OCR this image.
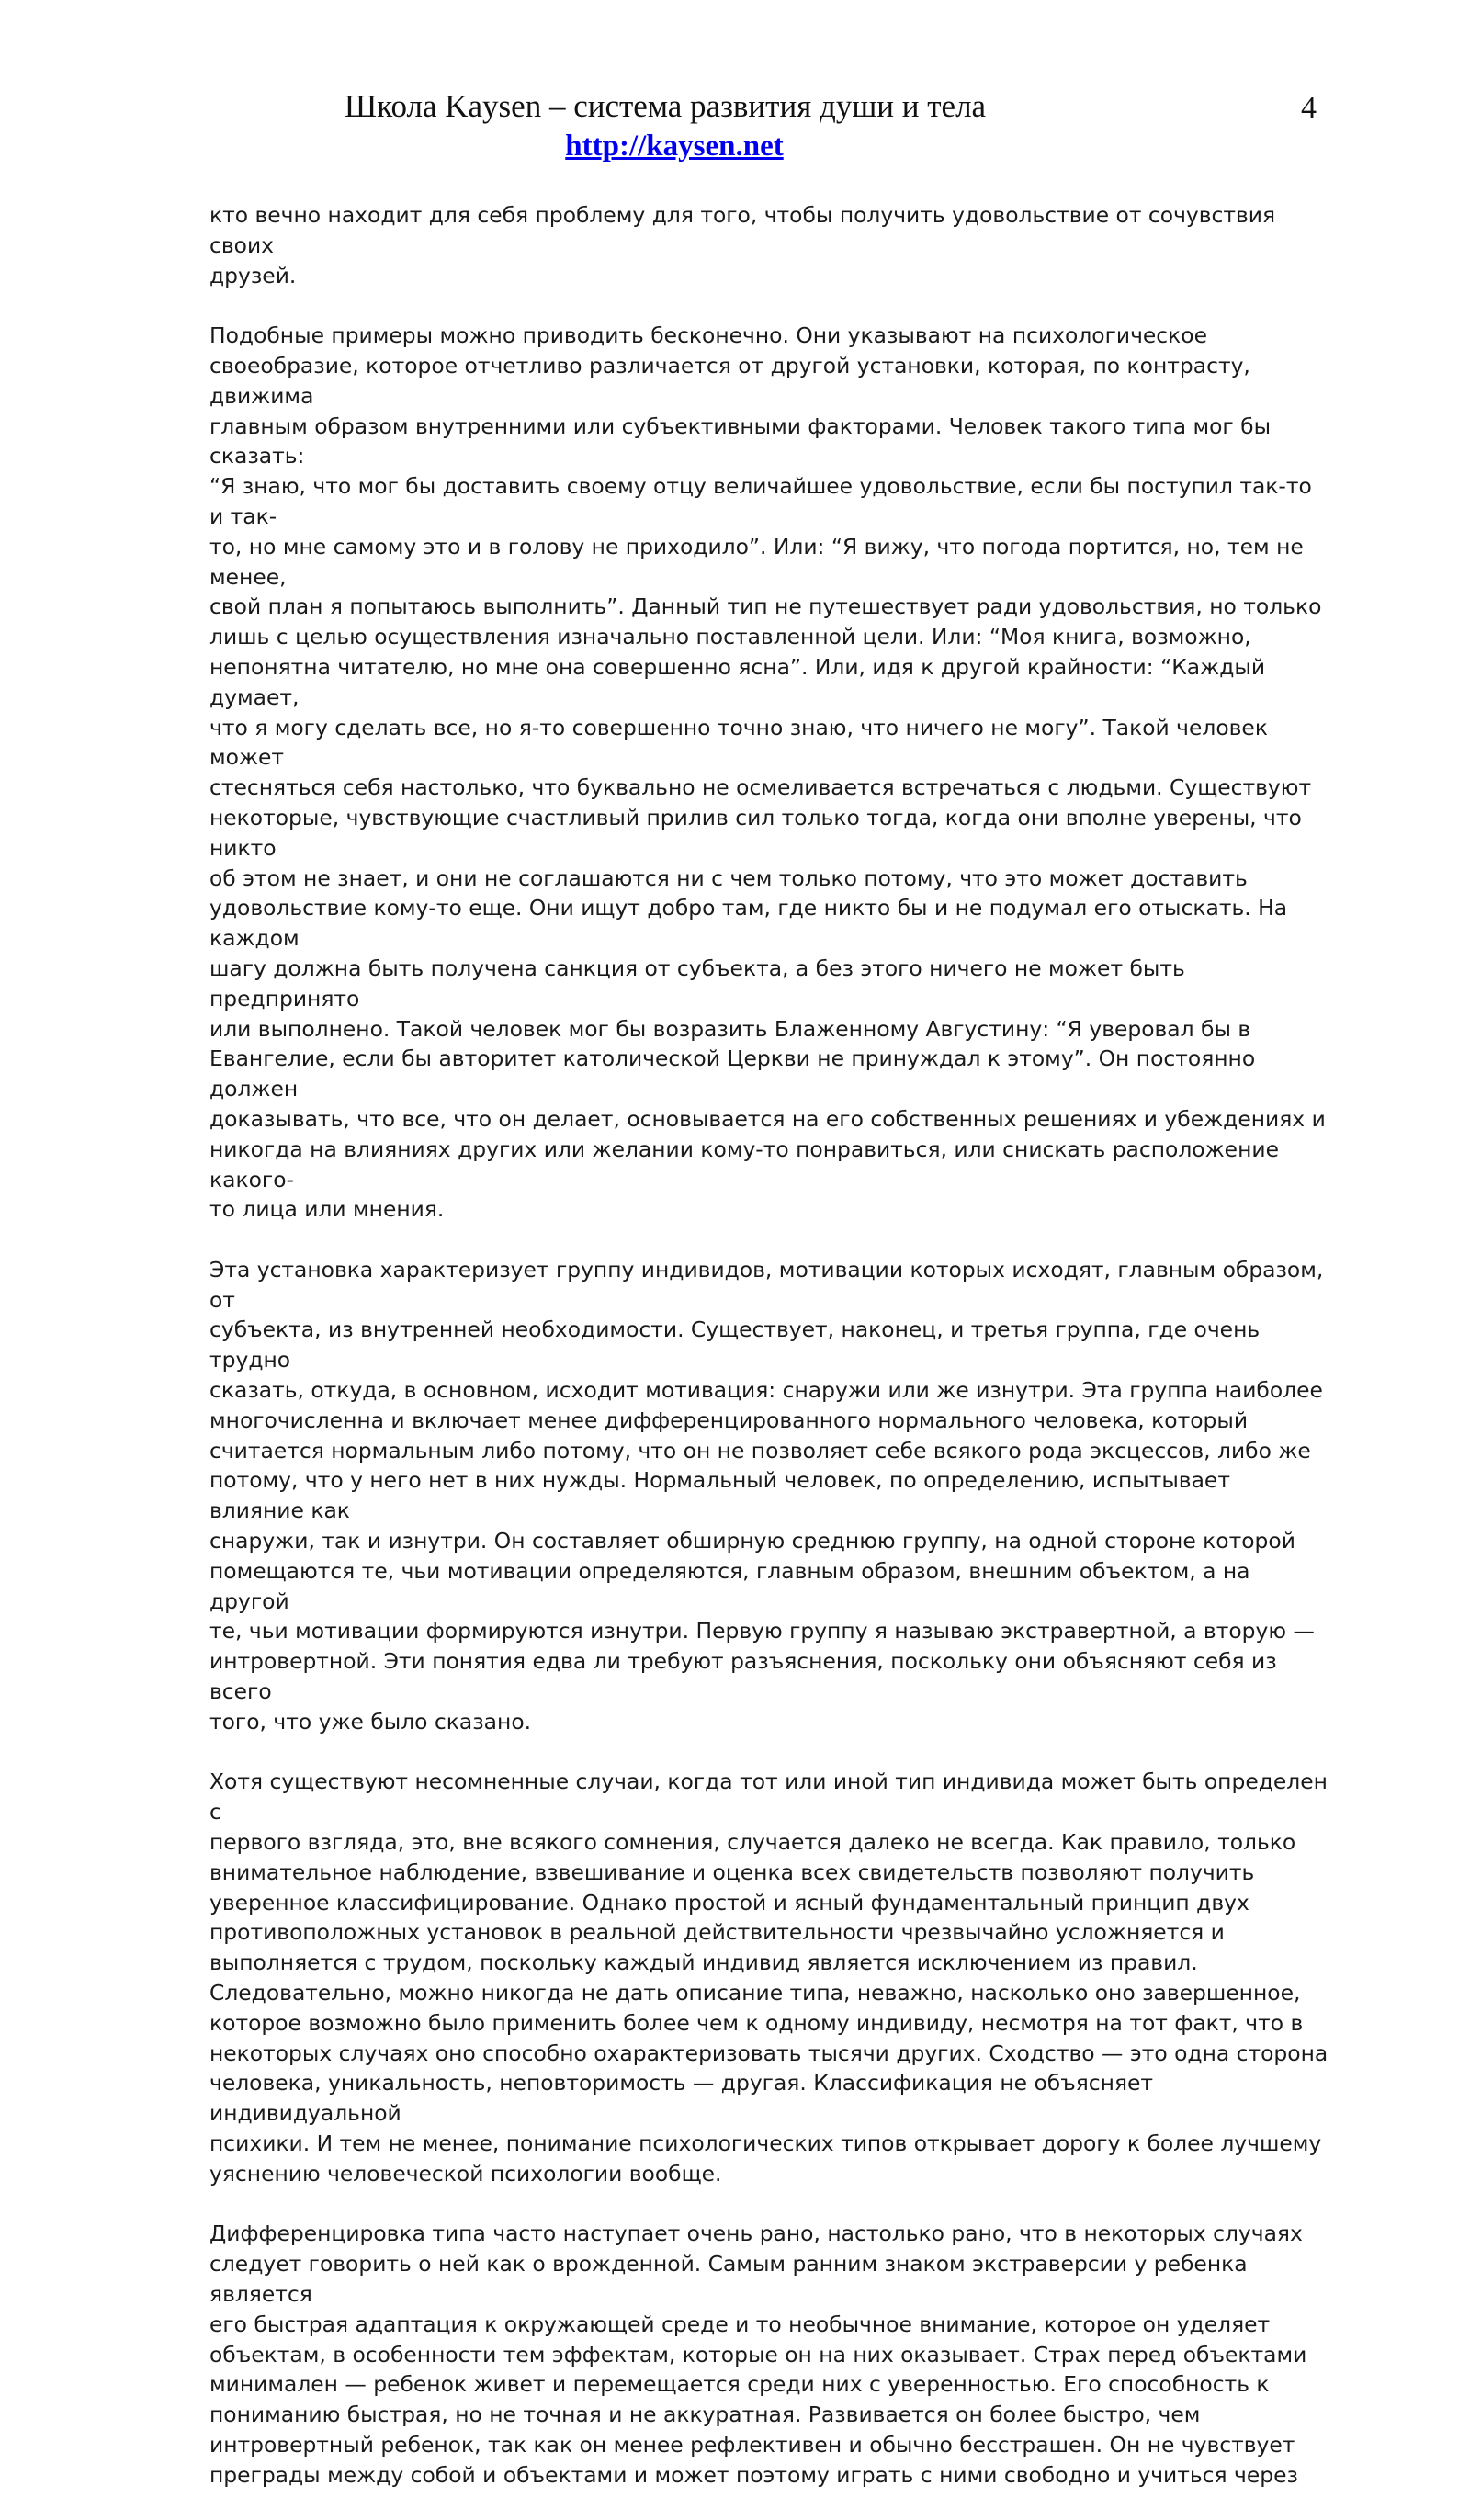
Школа Kaysen – система развития души и тела
http://kaysen.net
4

кто вечно находит для себя проблему для того, чтобы получить удовольствие от сочувствия своих
друзей.

Подобные примеры можно приводить бесконечно. Они указывают на психологическое
своеобразие, которое отчетливо различается от другой установки, которая, по контрасту, движима
главным образом внутренними или субъективными факторами. Человек такого типа мог бы сказать:
“Я знаю, что мог бы доставить своему отцу величайшее удовольствие, если бы поступил так-то и так-
то, но мне самому это и в голову не приходило”. Или: “Я вижу, что погода портится, но, тем не менее,
свой план я попытаюсь выполнить”. Данный тип не путешествует ради удовольствия, но только
лишь с целью осуществления изначально поставленной цели. Или: “Моя книга, возможно,
непонятна читателю, но мне она совершенно ясна”. Или, идя к другой крайности: “Каждый думает,
что я могу сделать все, но я-то совершенно точно знаю, что ничего не могу”. Такой человек может
стесняться себя настолько, что буквально не осмеливается встречаться с людьми. Существуют
некоторые, чувствующие счастливый прилив сил только тогда, когда они вполне уверены, что никто
об этом не знает, и они не соглашаются ни с чем только потому, что это может доставить
удовольствие кому-то еще. Они ищут добро там, где никто бы и не подумал его отыскать. На каждом
шагу должна быть получена санкция от субъекта, а без этого ничего не может быть предпринято
или выполнено. Такой человек мог бы возразить Блаженному Августину: “Я уверовал бы в
Евангелие, если бы авторитет католической Церкви не принуждал к этому”. Он постоянно должен
доказывать, что все, что он делает, основывается на его собственных решениях и убеждениях и
никогда на влияниях других или желании кому-то понравиться, или снискать расположение какого-
то лица или мнения.

Эта установка характеризует группу индивидов, мотивации которых исходят, главным образом, от
субъекта, из внутренней необходимости. Существует, наконец, и третья группа, где очень трудно
сказать, откуда, в основном, исходит мотивация: снаружи или же изнутри. Эта группа наиболее
многочисленна и включает менее дифференцированного нормального человека, который
считается нормальным либо потому, что он не позволяет себе всякого рода эксцессов, либо же
потому, что у него нет в них нужды. Нормальный человек, по определению, испытывает влияние как
снаружи, так и изнутри. Он составляет обширную среднюю группу, на одной стороне которой
помещаются те, чьи мотивации определяются, главным образом, внешним объектом, а на другой
те, чьи мотивации формируются изнутри. Первую группу я называю экстравертной, а вторую —
интровертной. Эти понятия едва ли требуют разъяснения, поскольку они объясняют себя из всего
того, что уже было сказано.

Хотя существуют несомненные случаи, когда тот или иной тип индивида может быть определен с
первого взгляда, это, вне всякого сомнения, случается далеко не всегда. Как правило, только
внимательное наблюдение, взвешивание и оценка всех свидетельств позволяют получить
уверенное классифицирование. Однако простой и ясный фундаментальный принцип двух
противоположных установок в реальной действительности чрезвычайно усложняется и
выполняется с трудом, поскольку каждый индивид является исключением из правил.
Следовательно, можно никогда не дать описание типа, неважно, насколько оно завершенное,
которое возможно было применить более чем к одному индивиду, несмотря на тот факт, что в
некоторых случаях оно способно охарактеризовать тысячи других. Сходство — это одна сторона
человека, уникальность, неповторимость — другая. Классификация не объясняет индивидуальной
психики. И тем не менее, понимание психологических типов открывает дорогу к более лучшему
уяснению человеческой психологии вообще.

Дифференцировка типа часто наступает очень рано, настолько рано, что в некоторых случаях
следует говорить о ней как о врожденной. Самым ранним знаком экстраверсии у ребенка является
его быстрая адаптация к окружающей среде и то необычное внимание, которое он уделяет
объектам, в особенности тем эффектам, которые он на них оказывает. Страх перед объектами
минимален — ребенок живет и перемещается среди них с уверенностью. Его способность к
пониманию быстрая, но не точная и не аккуратная. Развивается он более быстро, чем
интровертный ребенок, так как он менее рефлективен и обычно бесстрашен. Он не чувствует
преграды между собой и объектами и может поэтому играть с ними свободно и учиться через
